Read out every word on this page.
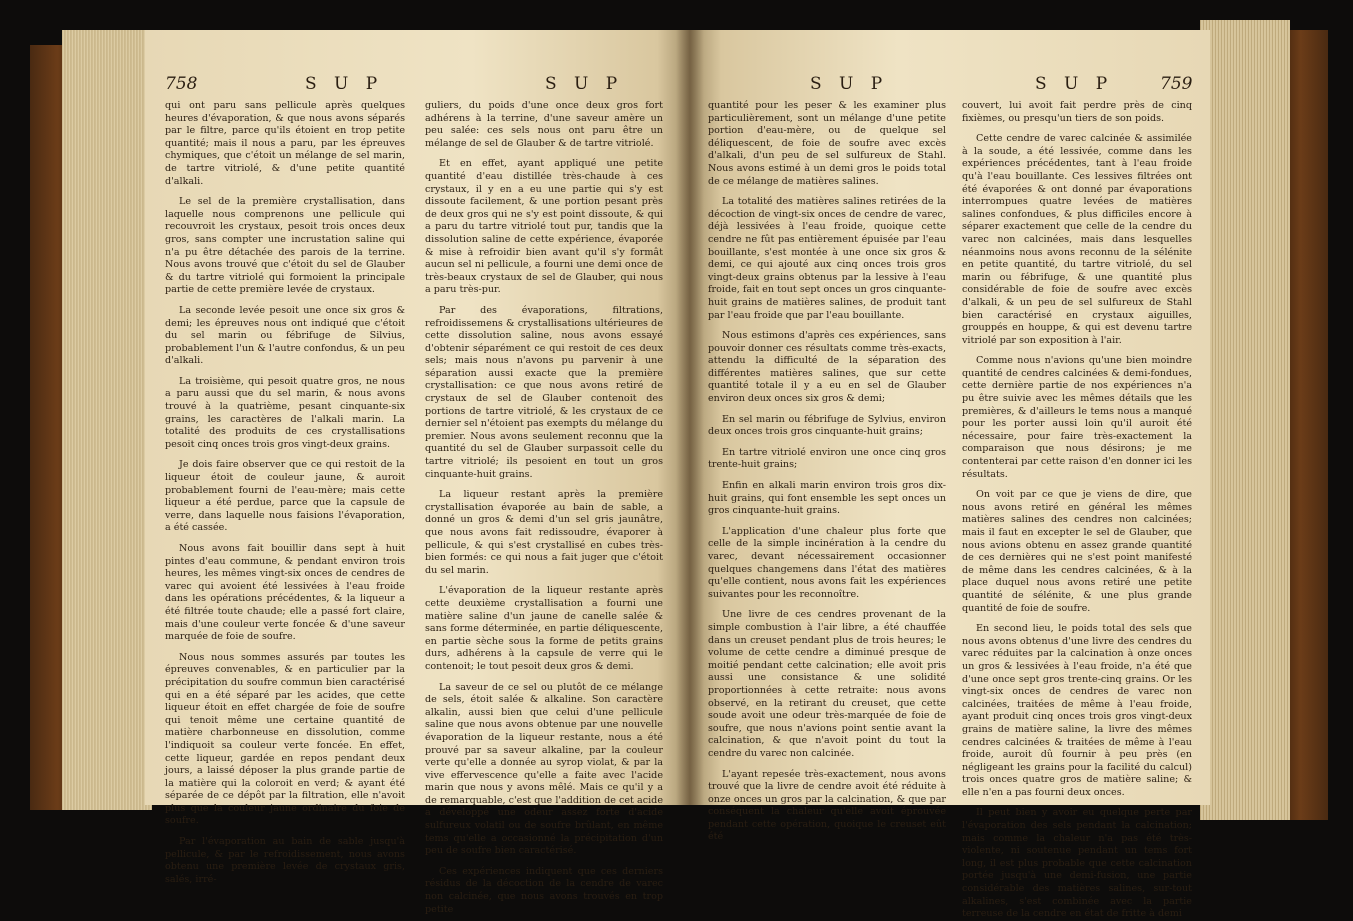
758	S U P	S U P

qui ont paru sans pellicule après quelques heures d'évaporation, & que nous avons séparés par le filtre, parce qu'ils étoient en trop petite quantité; mais il nous a paru, par les épreuves chymiques, que c'étoit un mélange de sel marin, de tartre vitriolé, & d'une petite quantité d'alkali.

Le sel de la première crystallisation, dans laquelle nous comprenons une pellicule qui recouvroit les crystaux, pesoit trois onces deux gros, sans compter une incrustation saline qui n'a pu être détachée des parois de la terrine. Nous avons trouvé que c'étoit du sel de Glauber & du tartre vitriolé qui formoient la principale partie de cette première levée de crystaux.

La seconde levée pesoit une once six gros & demi; les épreuves nous ont indiqué que c'étoit du sel marin ou fébrifuge de Silvius, probablement l'un & l'autre confondus, & un peu d'alkali.

La troisième, qui pesoit quatre gros, ne nous a paru aussi que du sel marin, & nous avons trouvé à la quatrième, pesant cinquante-six grains, les caractères de l'alkali marin. La totalité des produits de ces crystallisations pesoit cinq onces trois gros vingt-deux grains.

Je dois faire observer que ce qui restoit de la liqueur étoit de couleur jaune, & auroit probablement fourni de l'eau-mère; mais cette liqueur a été perdue, parce que la capsule de verre, dans laquelle nous faisions l'évaporation, a été cassée.

Nous avons fait bouillir dans sept à huit pintes d'eau commune, & pendant environ trois heures, les mêmes vingt-six onces de cendres de varec qui avoient été lessivées à l'eau froide dans les opérations précédentes, & la liqueur a été filtrée toute chaude; elle a passé fort claire, mais d'une couleur verte foncée & d'une saveur marquée de foie de soufre.

Nous nous sommes assurés par toutes les épreuves convenables, & en particulier par la précipitation du soufre commun bien caractérisé qui en a été séparé par les acides, que cette liqueur étoit en effet chargée de foie de soufre qui tenoit même une certaine quantité de matière charbonneuse en dissolution, comme l'indiquoit sa couleur verte foncée. En effet, cette liqueur, gardée en repos pendant deux jours, a laissé déposer la plus grande partie de la matière qui la coloroit en verd; & ayant été séparée de ce dépôt par la filtration, elle n'avoit plus que la couleur jaune ordinaire du foie de soufre.

Par l'évaporation au bain de sable jusqu'à pellicule, & par le refroidissement, nous avons obtenu une première levée de crystaux gris, salés, irré-

guliers, du poids d'une once deux gros fort adhérens à la terrine, d'une saveur amère un peu salée: ces sels nous ont paru être un mélange de sel de Glauber & de tartre vitriolé.

Et en effet, ayant appliqué une petite quantité d'eau distillée très-chaude à ces crystaux, il y en a eu une partie qui s'y est dissoute facilement, & une portion pesant près de deux gros qui ne s'y est point dissoute, & qui a paru du tartre vitriolé tout pur, tandis que la dissolution saline de cette expérience, évaporée & mise à refroidir bien avant qu'il s'y formât aucun sel ni pellicule, a fourni une demi once de très-beaux crystaux de sel de Glauber, qui nous a paru très-pur.

Par des évaporations, filtrations, refroidissemens & crystallisations ultérieures de cette dissolution saline, nous avons essayé d'obtenir séparément ce qui restoit de ces deux sels; mais nous n'avons pu parvenir à une séparation aussi exacte que la première crystallisation: ce que nous avons retiré de crystaux de sel de Glauber contenoit des portions de tartre vitriolé, & les crystaux de ce dernier sel n'étoient pas exempts du mélange du premier. Nous avons seulement reconnu que la quantité du sel de Glauber surpassoit celle du tartre vitriolé; ils pesoient en tout un gros cinquante-huit grains.

La liqueur restant après la première crystallisation évaporée au bain de sable, a donné un gros & demi d'un sel gris jaunâtre, que nous avons fait redissoudre, évaporer à pellicule, & qui s'est crystallisé en cubes très-bien formés: ce qui nous a fait juger que c'étoit du sel marin.

L'évaporation de la liqueur restante après cette deuxième crystallisation a fourni une matière saline d'un jaune de canelle salée & sans forme déterminée, en partie déliquescente, en partie sèche sous la forme de petits grains durs, adhérens à la capsule de verre qui le contenoit; le tout pesoit deux gros & demi.

La saveur de ce sel ou plutôt de ce mélange de sels, étoit salée & alkaline. Son caractère alkalin, aussi bien que celui d'une pellicule saline que nous avons obtenue par une nouvelle évaporation de la liqueur restante, nous a été prouvé par sa saveur alkaline, par la couleur verte qu'elle a donnée au syrop violat, & par la vive effervescence qu'elle a faite avec l'acide marin que nous y avons mêlé. Mais ce qu'il y a de remarquable, c'est que l'addition de cet acide a développé une odeur assez forte d'acide sulfureux volatil ou de soufre brûlant, en même tems qu'elle a occasionné la précipitation d'un peu de soufre bien caractérisé.

Ces expériences indiquent que ces derniers résidus de la décoction de la cendre de varec non calcinée, que nous avons trouvés en trop petite

S U P	S U P	759

quantité pour les peser & les examiner plus particulièrement, sont un mélange d'une petite portion d'eau-mère, ou de quelque sel déliquescent, de foie de soufre avec excès d'alkali, d'un peu de sel sulfureux de Stahl. Nous avons estimé à un demi gros le poids total de ce mélange de matières salines.

La totalité des matières salines retirées de la décoction de vingt-six onces de cendre de varec, déjà lessivées à l'eau froide, quoique cette cendre ne fût pas entièrement épuisée par l'eau bouillante, s'est montée à une once six gros & demi, ce qui ajouté aux cinq onces trois gros vingt-deux grains obtenus par la lessive à l'eau froide, fait en tout sept onces un gros cinquante-huit grains de matières salines, de produit tant par l'eau froide que par l'eau bouillante.

Nous estimons d'après ces expériences, sans pouvoir donner ces résultats comme très-exacts, attendu la difficulté de la séparation des différentes matières salines, que sur cette quantité totale il y a eu en sel de Glauber environ deux onces six gros & demi;

En sel marin ou fébrifuge de Sylvius, environ deux onces trois gros cinquante-huit grains;

En tartre vitriolé environ une once cinq gros trente-huit grains;

Enfin en alkali marin environ trois gros dix-huit grains, qui font ensemble les sept onces un gros cinquante-huit grains.

L'application d'une chaleur plus forte que celle de la simple incinération à la cendre du varec, devant nécessairement occasionner quelques changemens dans l'état des matières qu'elle contient, nous avons fait les expériences suivantes pour les reconnoître.

Une livre de ces cendres provenant de la simple combustion à l'air libre, a été chauffée dans un creuset pendant plus de trois heures; le volume de cette cendre a diminué presque de moitié pendant cette calcination; elle avoit pris aussi une consistance & une solidité proportionnées à cette retraite: nous avons observé, en la retirant du creuset, que cette soude avoit une odeur très-marquée de foie de soufre, que nous n'avions point sentie avant la calcination, & que n'avoit point du tout la cendre du varec non calcinée.

L'ayant repesée très-exactement, nous avons trouvé que la livre de cendre avoit été réduite à onze onces un gros par la calcination, & que par conséquent la chaleur qu'elle avoit éprouvée pendant cette opération, quoique le creuset eût été

couvert, lui avoit fait perdre près de cinq fixièmes, ou presqu'un tiers de son poids.

Cette cendre de varec calcinée & assimilée à la soude, a été lessivée, comme dans les expériences précédentes, tant à l'eau froide qu'à l'eau bouillante. Ces lessives filtrées ont été évaporées & ont donné par évaporations interrompues quatre levées de matières salines confondues, & plus difficiles encore à séparer exactement que celle de la cendre du varec non calcinées, mais dans lesquelles néanmoins nous avons reconnu de la sélénite en petite quantité, du tartre vitriolé, du sel marin ou fébrifuge, & une quantité plus considérable de foie de soufre avec excès d'alkali, & un peu de sel sulfureux de Stahl bien caractérisé en crystaux aiguilles, grouppés en houppe, & qui est devenu tartre vitriolé par son exposition à l'air.

Comme nous n'avions qu'une bien moindre quantité de cendres calcinées & demi-fondues, cette dernière partie de nos expériences n'a pu être suivie avec les mêmes détails que les premières, & d'ailleurs le tems nous a manqué pour les porter aussi loin qu'il auroit été nécessaire, pour faire très-exactement la comparaison que nous désirons; je me contenterai par cette raison d'en donner ici les résultats.

On voit par ce que je viens de dire, que nous avons retiré en général les mêmes matières salines des cendres non calcinées; mais il faut en excepter le sel de Glauber, que nous avions obtenu en assez grande quantité de ces dernières qui ne s'est point manifesté de même dans les cendres calcinées, & à la place duquel nous avons retiré une petite quantité de sélénite, & une plus grande quantité de foie de soufre.

En second lieu, le poids total des sels que nous avons obtenus d'une livre des cendres du varec réduites par la calcination à onze onces un gros & lessivées à l'eau froide, n'a été que d'une once sept gros trente-cinq grains. Or les vingt-six onces de cendres de varec non calcinées, traitées de même à l'eau froide, ayant produit cinq onces trois gros vingt-deux grains de matière saline, la livre des mêmes cendres calcinées & traitées de même à l'eau froide, auroit dû fournir à peu près (en négligeant les grains pour la facilité du calcul) trois onces quatre gros de matière saline; & elle n'en a pas fourni deux onces.

Il peut bien y avoir eu quelque perte par l'évaporation des sels pendant la calcination; mais comme la chaleur n'a pas été très-violente, ni soutenue pendant un tems fort long, il est plus probable que cette calcination portée jusqu'à une demi-fusion, une partie considérable des matières salines, sur-tout alkalines, s'est combinée avec la partie terreuse de la cendre en état de fritte à demi
